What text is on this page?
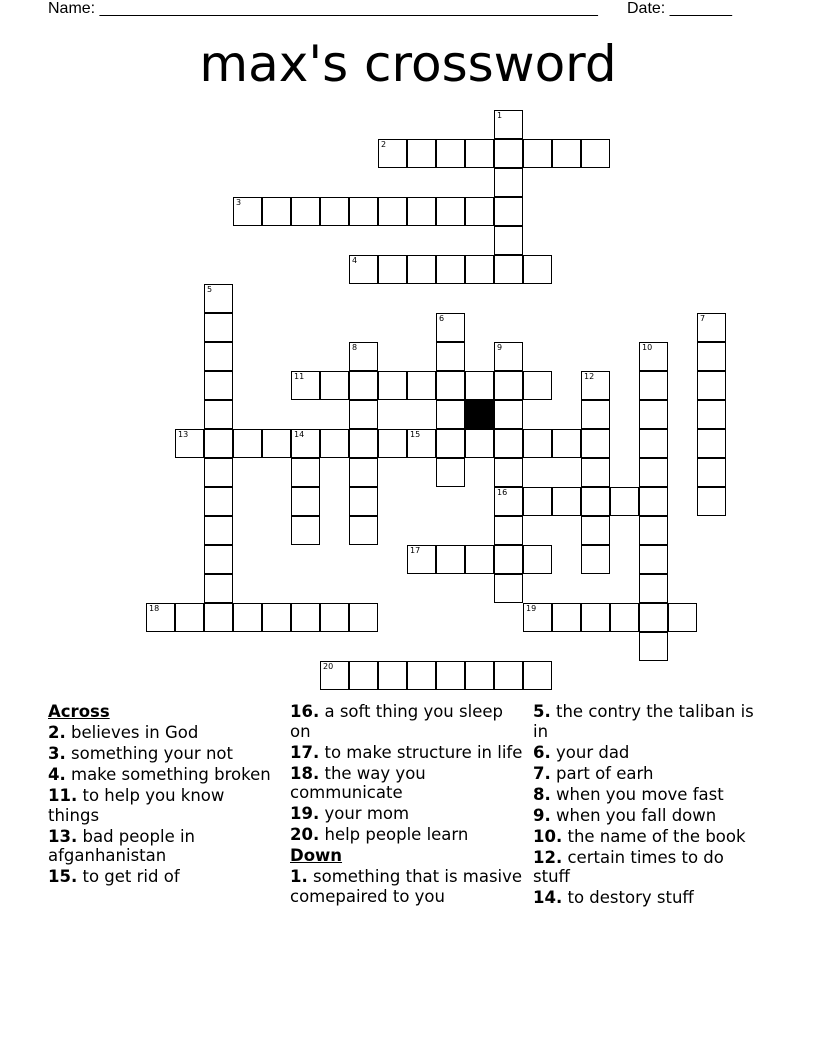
Name: ________________________________________________________ Date: _______
max's crossword
2
3
4
11
13	14	15
16
17
18	19
20
1
5
6	7
8	9	10
12

Across

2. believes in God

3. something your not

4. make something broken

11. to help you know things

13. bad people in afganhanistan

15. to get rid of

16. a soft thing you sleep on

17. to make structure in life

18. the way you communicate

19. your mom

20. help people learn

Down

1. something that is masive comepaired to you

5. the contry the taliban is in

6. your dad

7. part of earh

8. when you move fast

9. when you fall down

10. the name of the book

12. certain times to do stuff

14. to destory stuff
